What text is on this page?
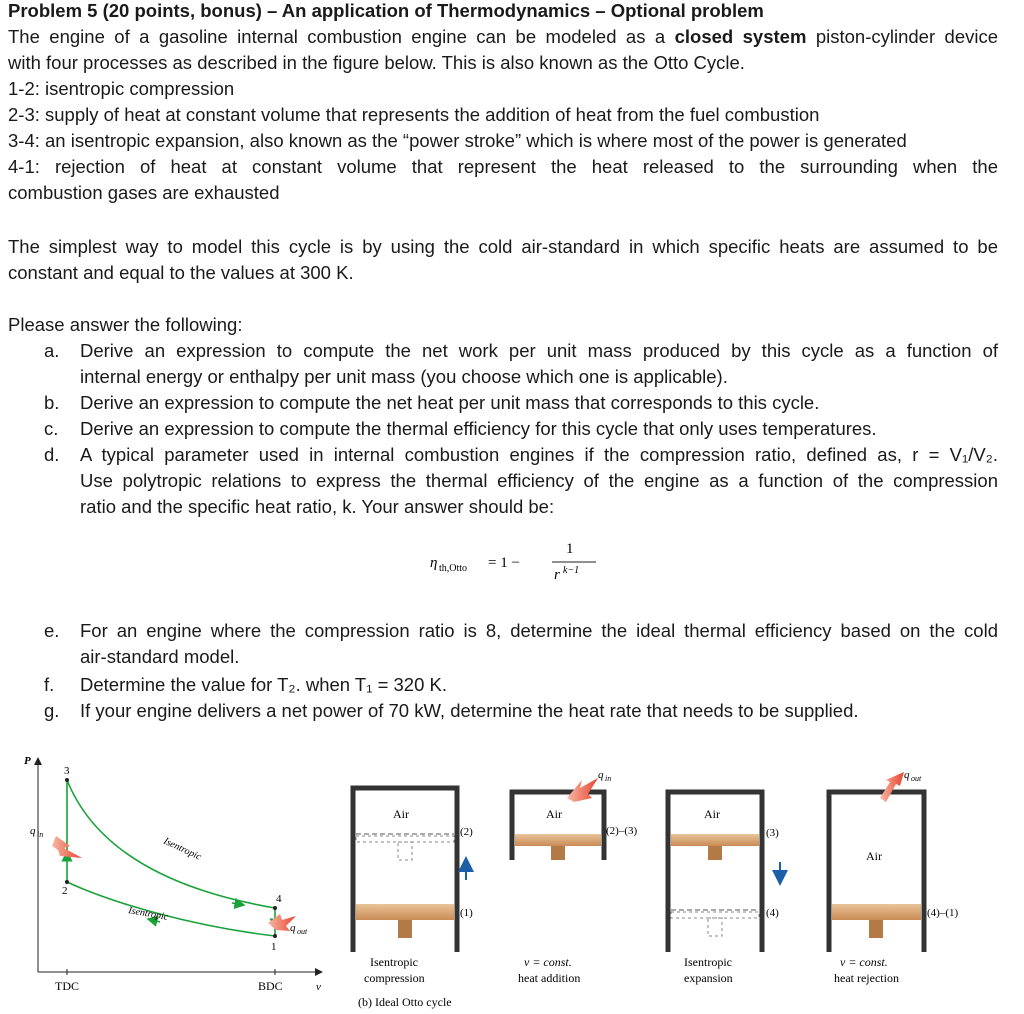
Problem 5 (20 points, bonus) – An application of Thermodynamics – Optional problem
The engine of a gasoline internal combustion engine can be modeled as a closed system piston-cylinder device
with four processes as described in the figure below. This is also known as the Otto Cycle.
1-2: isentropic compression
2-3: supply of heat at constant volume that represents the addition of heat from the fuel combustion
3-4: an isentropic expansion, also known as the “power stroke” which is where most of the power is generated
4-1: rejection of heat at constant volume that represent the heat released to the surrounding when the
combustion gases are exhausted
The simplest way to model this cycle is by using the cold air-standard in which specific heats are assumed to be
constant and equal to the values at 300 K.
Please answer the following:
a. Derive an expression to compute the net work per unit mass produced by this cycle as a function of
internal energy or enthalpy per unit mass (you choose which one is applicable).
b. Derive an expression to compute the net heat per unit mass that corresponds to this cycle.
c. Derive an expression to compute the thermal efficiency for this cycle that only uses temperatures.
d. A typical parameter used in internal combustion engines if the compression ratio, defined as, r = V₁/V₂.
Use polytropic relations to express the thermal efficiency of the engine as a function of the compression
ratio and the specific heat ratio, k. Your answer should be:
η th,Otto = 1 −
1
r k−1
e. For an engine where the compression ratio is 8, determine the ideal thermal efficiency based on the cold
air-standard model.
f. Determine the value for T₂. when T₁ = 320 K.
g. If your engine delivers a net power of 70 kW, determine the heat rate that needs to be supplied.
P
v
TDC	BDC
3
2
4
1
q in
q out
Isentropic
Isentropic
Air
(2)
(1)
Isentropic
compression
(b) Ideal Otto cycle
Air
q in
(2)–(3)
v = const.
heat addition
Air
(3)
(4)
Isentropic
expansion
Air
q out
(4)–(1)
v = const.
heat rejection
